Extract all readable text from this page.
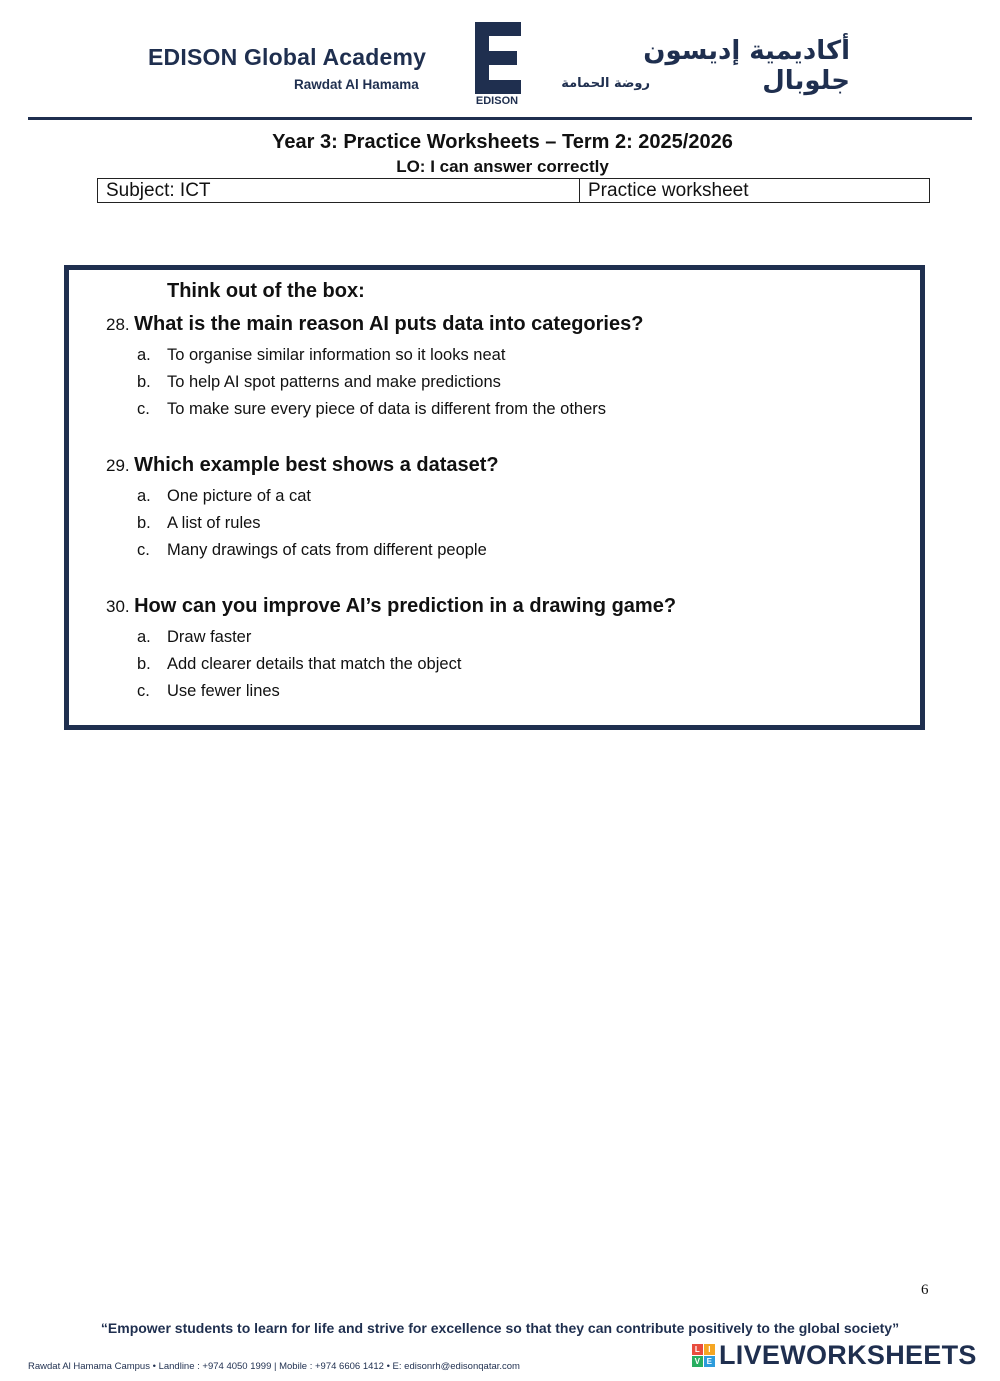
EDISON Global Academy
Rawdat Al Hamama
EDISON
أكاديمية إديسون جلوبال
روضة الحمامة
Year 3: Practice Worksheets – Term 2: 2025/2026
LO: I can answer correctly
Subject: ICT	Practice worksheet
Think out of the box:
28. What is the main reason AI puts data into categories?
a. To organise similar information so it looks neat
b. To help AI spot patterns and make predictions
c. To make sure every piece of data is different from the others
29. Which example best shows a dataset?
a. One picture of a cat
b. A list of rules
c. Many drawings of cats from different people
30. How can you improve AI’s prediction in a drawing game?
a. Draw faster
b. Add clearer details that match the object
c. Use fewer lines
6
“Empower students to learn for life and strive for excellence so that they can contribute positively to the global society”
Rawdat Al Hamama Campus • Landline : +974 4050 1999 | Mobile : +974 6606 1412 • E: edisonrh@edisonqatar.com
L	I
V E LIVEWORKSHEETS
